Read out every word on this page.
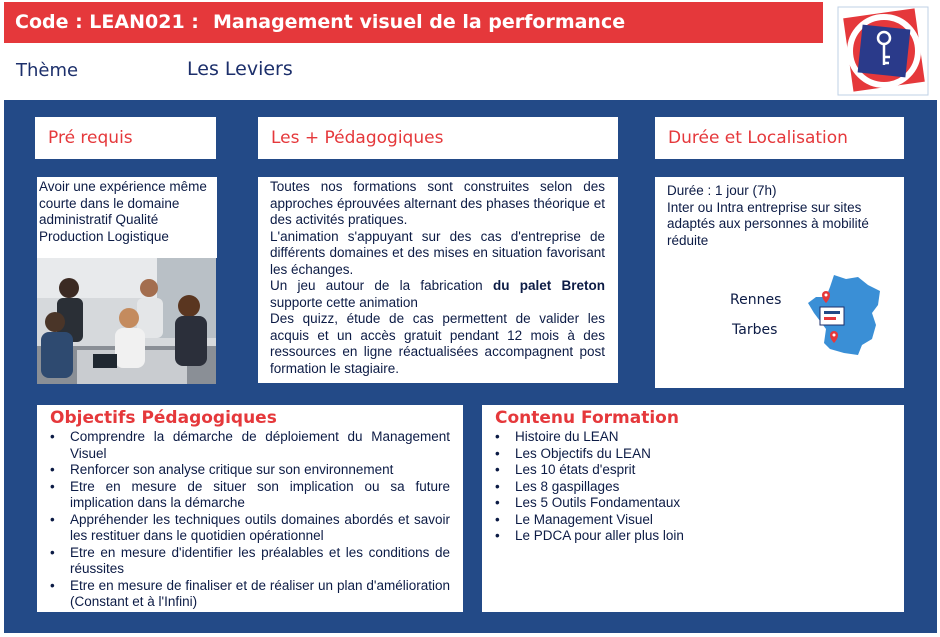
Code : LEAN021 : Management visuel de la performance
Thème	Les Leviers
Pré requis
Avoir une expérience même courte dans le domaine administratif Qualité Production Logistique
Les + Pédagogiques
Toutes nos formations sont construites selon des approches éprouvées alternant des phases théorique et des activités pratiques.
L'animation s'appuyant sur des cas d'entreprise de différents domaines et des mises en situation favorisant les échanges.
Un jeu autour de la fabrication du palet Breton supporte cette animation
Des quizz, étude de cas permettent de valider les acquis et un accès gratuit pendant 12 mois à des ressources en ligne réactualisées accompagnent post formation le stagiaire.
Durée et Localisation
Durée : 1 jour (7h)
Inter ou Intra entreprise sur sites adaptés aux personnes à mobilité réduite
Rennes
Tarbes
Objectifs Pédagogiques
• Comprendre la démarche de déploiement du Management Visuel
• Renforcer son analyse critique sur son environnement
• Etre en mesure de situer son implication ou sa future implication dans la démarche
• Appréhender les techniques outils domaines abordés et savoir les restituer dans le quotidien opérationnel
• Etre en mesure d'identifier les préalables et les conditions de réussites
• Etre en mesure de finaliser et de réaliser un plan d'amélioration (Constant et à l'Infini)
Contenu Formation
• Histoire du LEAN
• Les Objectifs du LEAN
• Les 10 états d'esprit
• Les 8 gaspillages
• Les 5 Outils Fondamentaux
• Le Management Visuel
• Le PDCA pour aller plus loin
